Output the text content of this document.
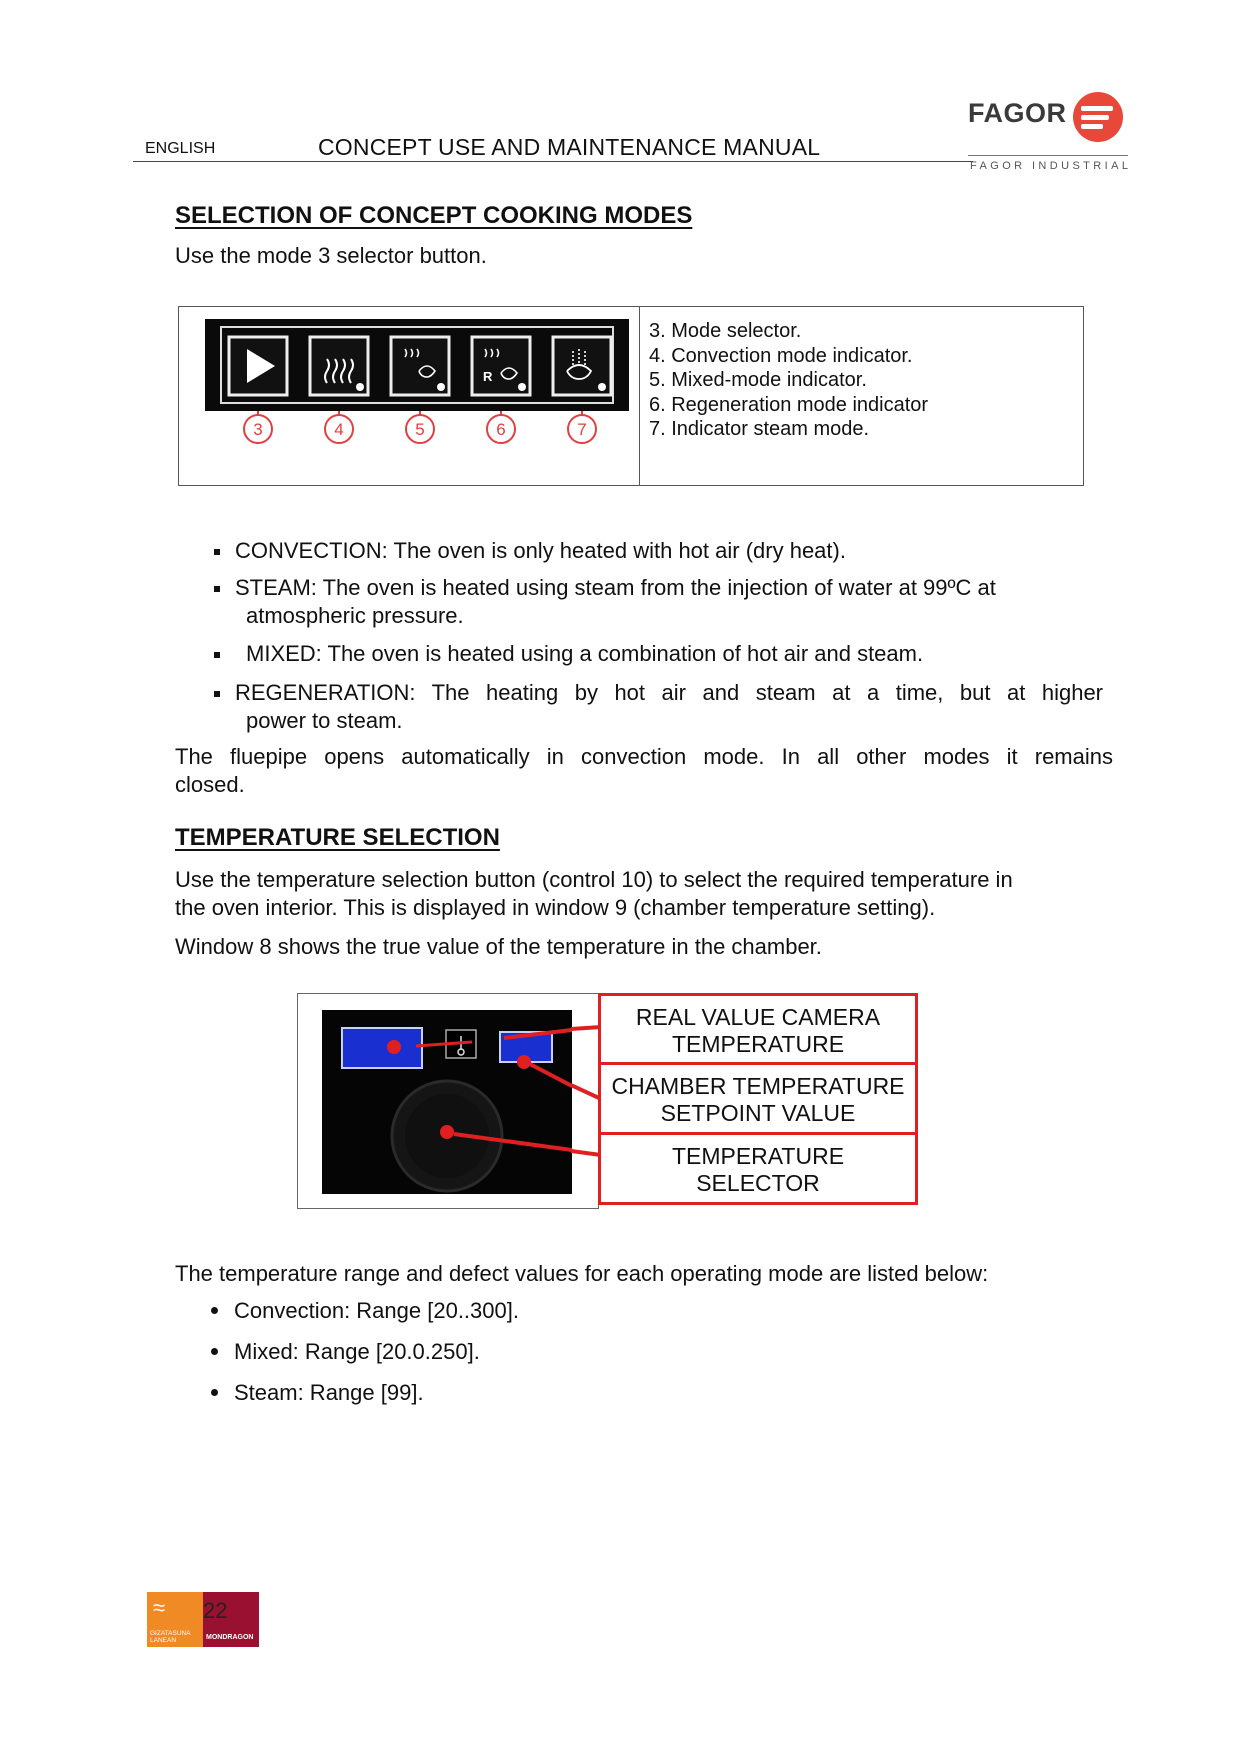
ENGLISH	CONCEPT USE AND MAINTENANCE MANUAL
FAGOR
FAGOR INDUSTRIAL
SELECTION OF CONCEPT COOKING MODES

Use the mode 3 selector button.

R
3	4	5	6	7
3. Mode selector.
4. Convection mode indicator.
5. Mixed-mode indicator.
6. Regeneration mode indicator
7. Indicator steam mode.

CONVECTION: The oven is only heated with hot air (dry heat).

STEAM: The oven is heated using steam from the injection of water at 99ºC at

atmospheric pressure.

MIXED: The oven is heated using a combination of hot air and steam.

REGENERATION: The heating by hot air and steam at a time, but at higher

power to steam.

The fluepipe opens automatically in convection mode. In all other modes it remains

closed.

TEMPERATURE SELECTION

Use the temperature selection button (control 10) to select the required temperature in

the oven interior. This is displayed in window 9 (chamber temperature setting).

Window 8 shows the true value of the temperature in the chamber.

REAL VALUE CAMERA
TEMPERATURE
CHAMBER TEMPERATURE
SETPOINT VALUE
TEMPERATURE
SELECTOR

The temperature range and defect values for each operating mode are listed below:

Convection: Range [20..300].

Mixed: Range [20.0.250].

Steam: Range [99].

≈
GIZATASUNA LANEAN	MONDRAGON
22
